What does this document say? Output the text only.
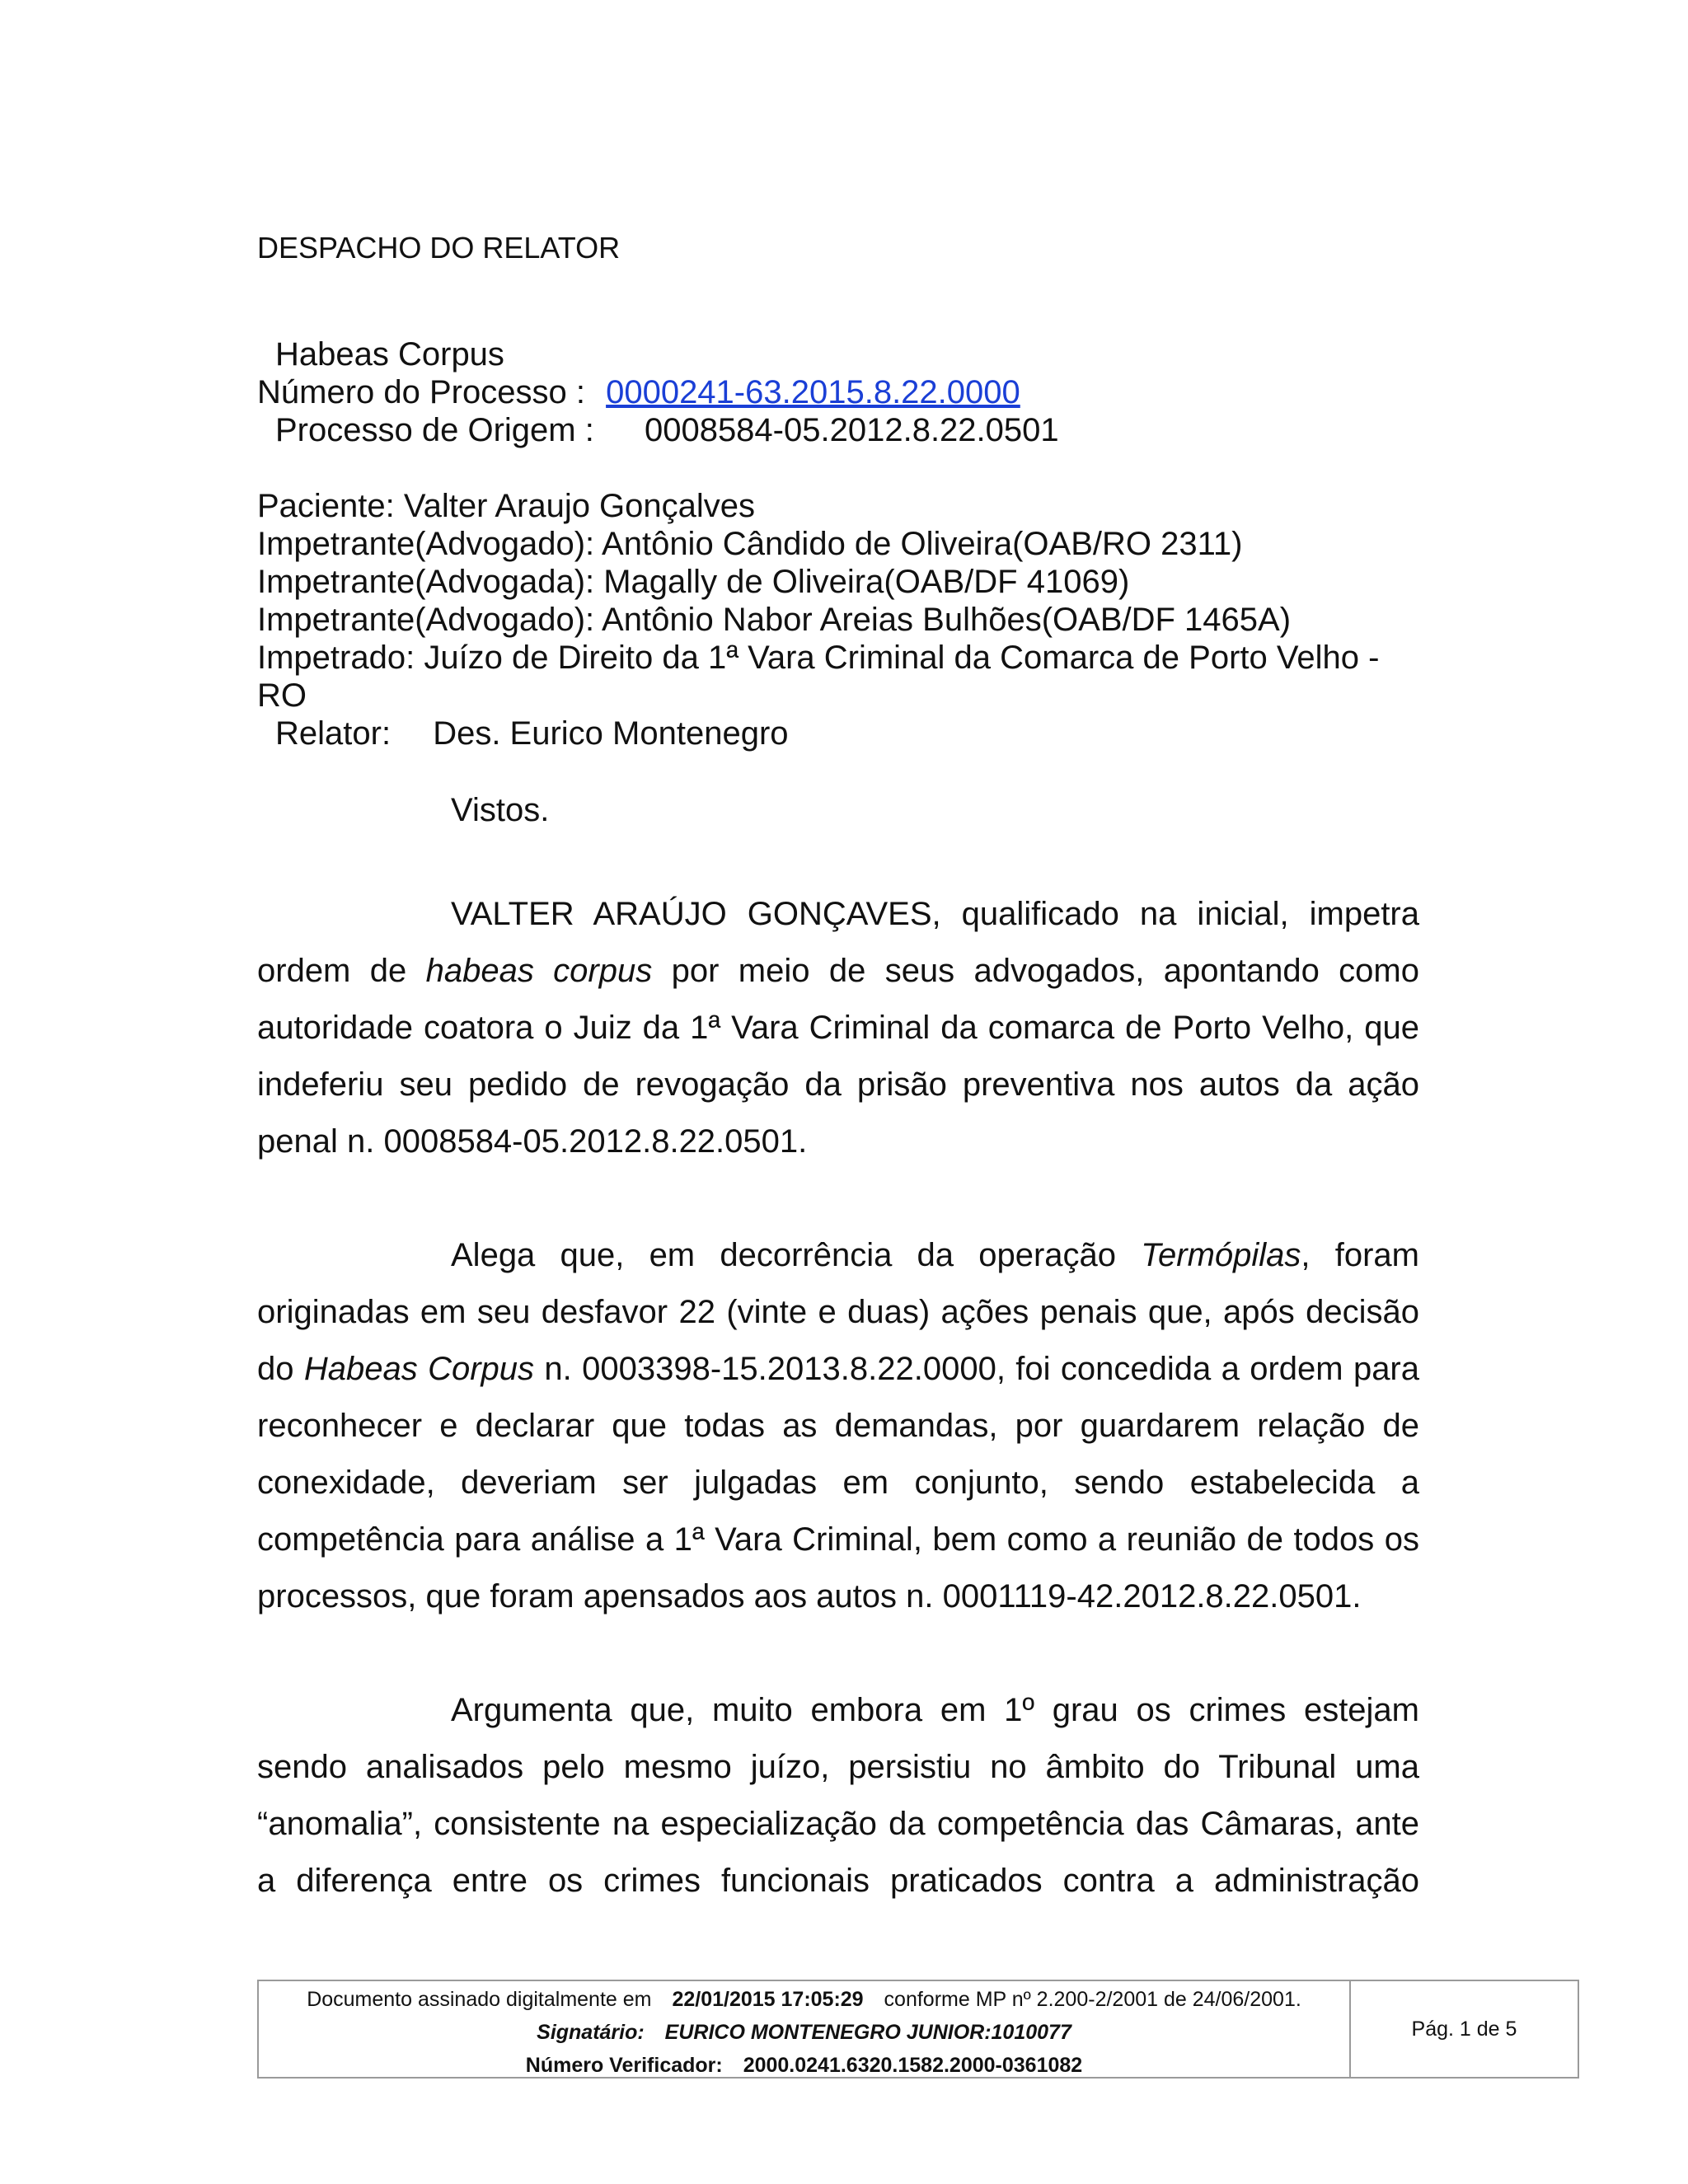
DESPACHO DO RELATOR
Habeas Corpus
Número do Processo : 0000241-63.2015.8.22.0000
Processo de Origem : 0008584-05.2012.8.22.0501
Paciente: Valter Araujo Gonçalves
Impetrante(Advogado): Antônio Cândido de Oliveira(OAB/RO 2311)
Impetrante(Advogada): Magally de Oliveira(OAB/DF 41069)
Impetrante(Advogado): Antônio Nabor Areias Bulhões(OAB/DF 1465A)
Impetrado: Juízo de Direito da 1ª Vara Criminal da Comarca de Porto Velho -
RO
Relator: Des. Eurico Montenegro
Vistos.

VALTER ARAÚJO GONÇAVES, qualificado na inicial, impetra ordem de habeas corpus por meio de seus advogados, apontando como autoridade coatora o Juiz da 1ª Vara Criminal da comarca de Porto Velho, que indeferiu seu pedido de revogação da prisão preventiva nos autos da ação penal n. 0008584-05.2012.8.22.0501.

Alega que, em decorrência da operação Termópilas, foram originadas em seu desfavor 22 (vinte e duas) ações penais que, após decisão do Habeas Corpus n. 0003398-15.2013.8.22.0000, foi concedida a ordem para reconhecer e declarar que todas as demandas, por guardarem relação de conexidade, deveriam ser julgadas em conjunto, sendo estabelecida a competência para análise a 1ª Vara Criminal, bem como a reunião de todos os processos, que foram apensados aos autos n. 0001119-42.2012.8.22.0501.

Argumenta que, muito embora em 1º grau os crimes estejam sendo analisados pelo mesmo juízo, persistiu no âmbito do Tribunal uma “anomalia”, consistente na especialização da competência das Câmaras, ante a diferença entre os crimes funcionais praticados contra a administração

Documento assinado digitalmente em 22/01/2015 17:05:29 conforme MP nº 2.200-2/2001 de 24/06/2001.
Signatário: EURICO MONTENEGRO JUNIOR:1010077
Número Verificador: 2000.0241.6320.1582.2000-0361082
Pág. 1 de 5
